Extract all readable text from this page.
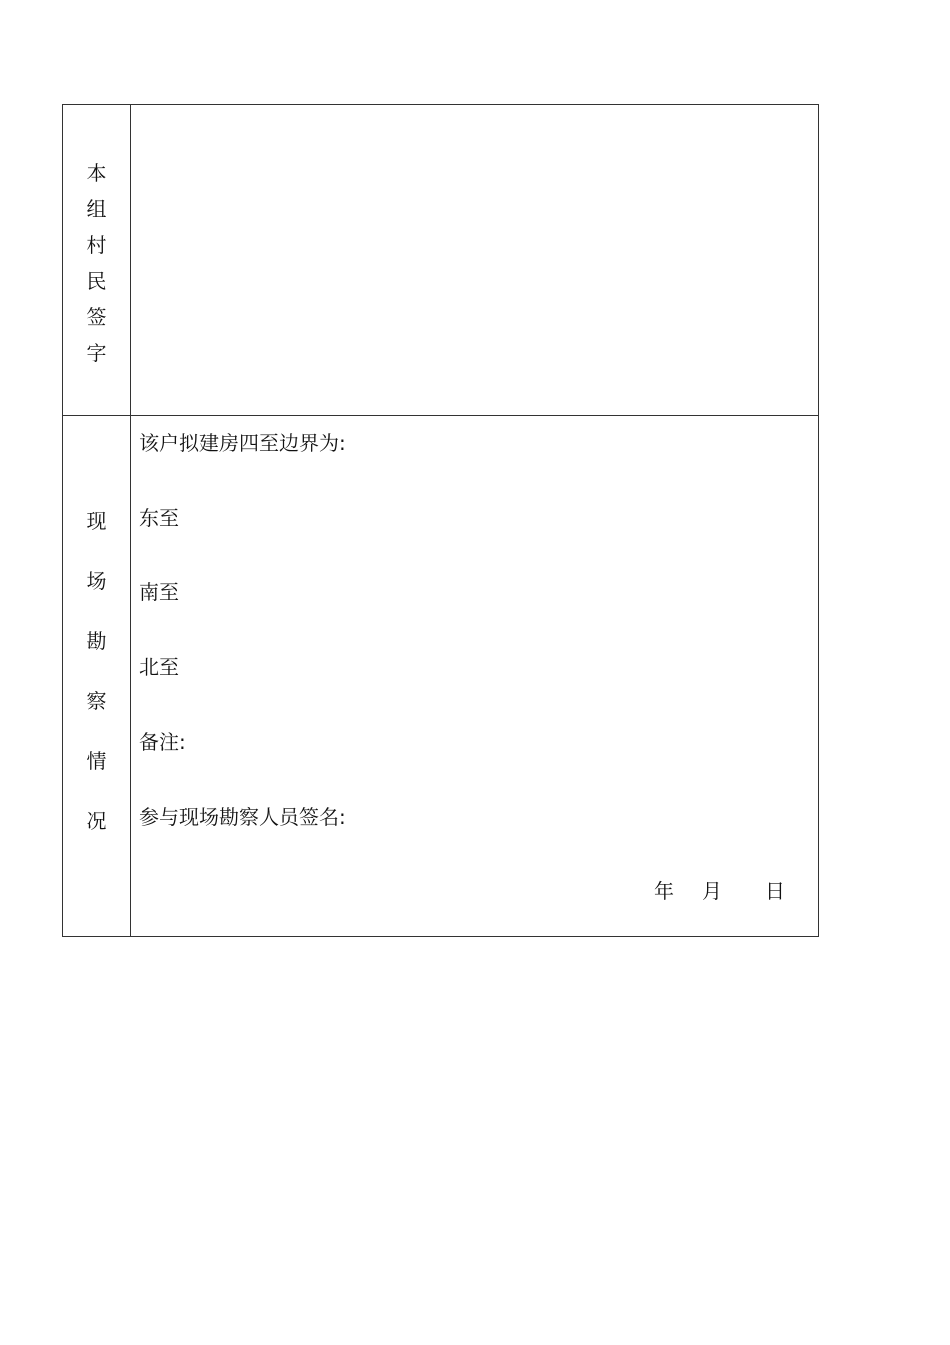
本
组
村
民
签
字
现
场
勘
察
情
况
该户拟建房四至边界为:
东至
南至
北至
备注:
参与现场勘察人员签名:
年 月 日
